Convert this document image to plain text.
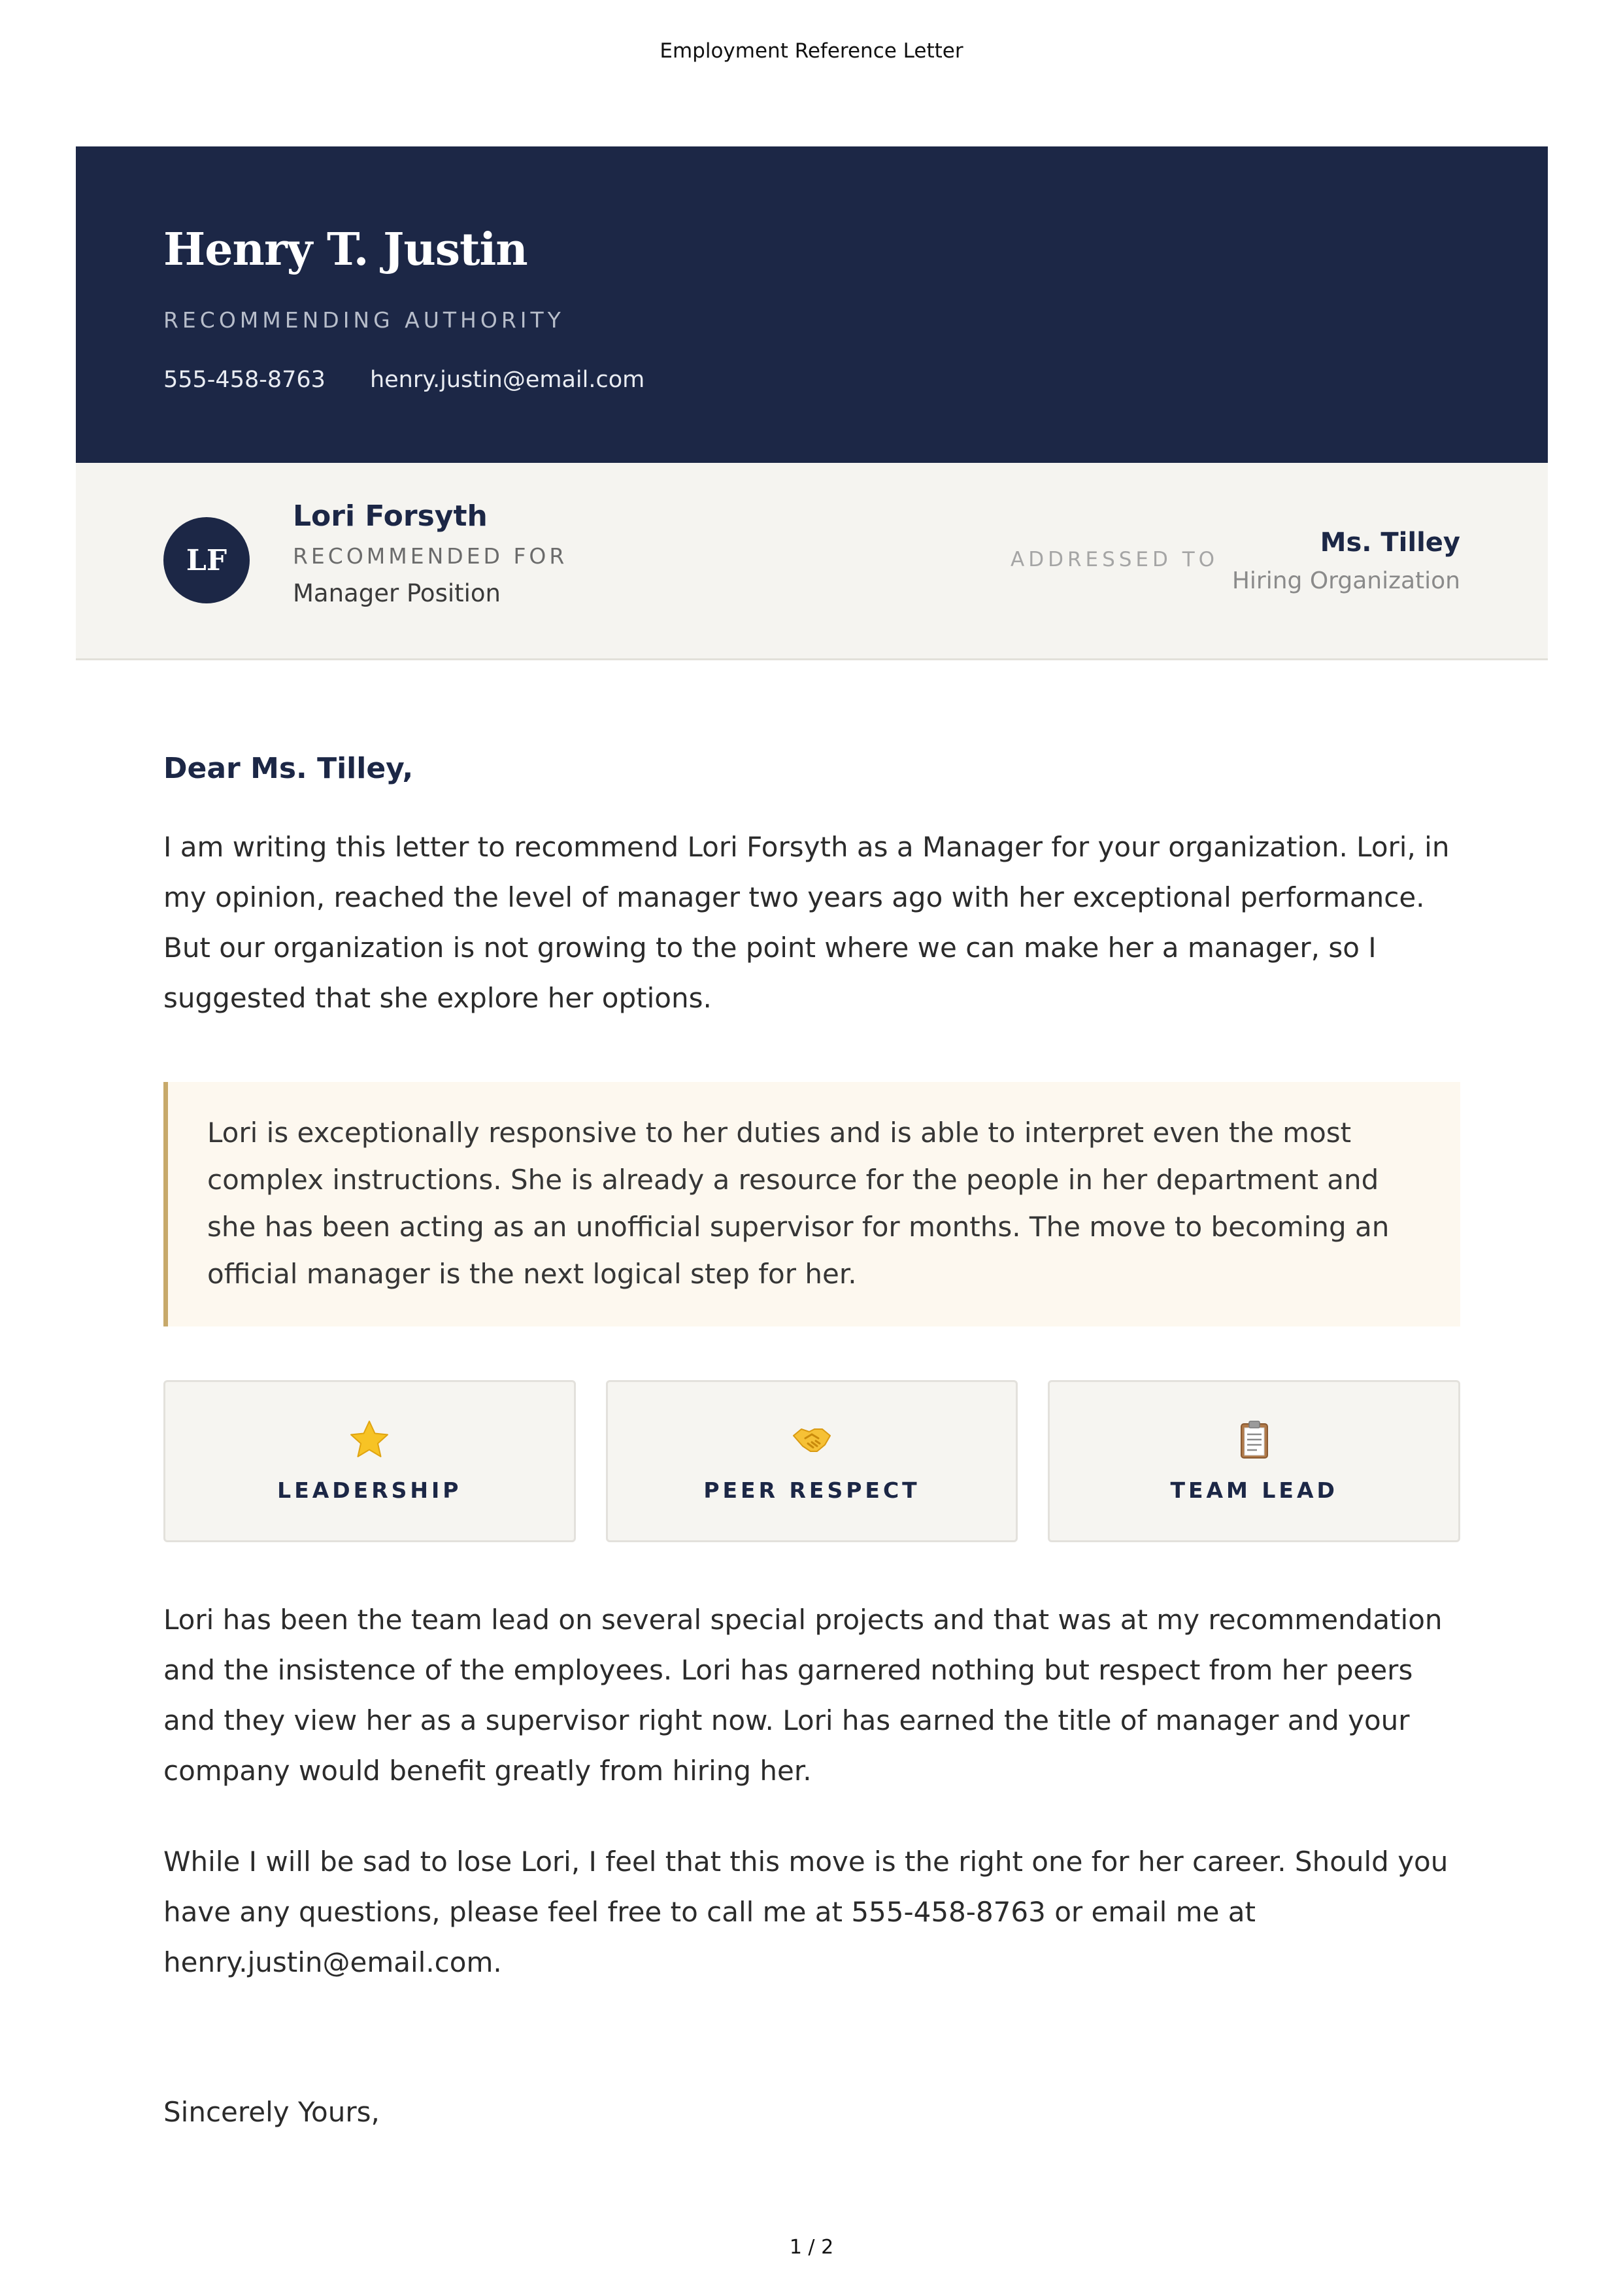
Employment Reference Letter
Henry T. Justin
RECOMMENDING AUTHORITY
555-458-8763 henry.justin@email.com
LF
Lori Forsyth
RECOMMENDED FOR
Manager Position
ADDRESSED TO
Ms. Tilley
Hiring Organization

Dear Ms. Tilley,

I am writing this letter to recommend Lori Forsyth as a Manager for your organization. Lori, in my opinion, reached the level of manager two years ago with her exceptional performance. But our organization is not growing to the point where we can make her a manager, so I suggested that she explore her options.

Lori is exceptionally responsive to her duties and is able to interpret even the most complex instructions. She is already a resource for the people in her department and she has been acting as an unofficial supervisor for months. The move to becoming an official manager is the next logical step for her.
LEADERSHIP	PEER RESPECT	TEAM LEAD

Lori has been the team lead on several special projects and that was at my recommendation and the insistence of the employees. Lori has garnered nothing but respect from her peers and they view her as a supervisor right now. Lori has earned the title of manager and your company would benefit greatly from hiring her.

While I will be sad to lose Lori, I feel that this move is the right one for her career. Should you have any questions, please feel free to call me at 555-458-8763 or email me at henry.justin@email.com.

Sincerely Yours,

1 / 2
